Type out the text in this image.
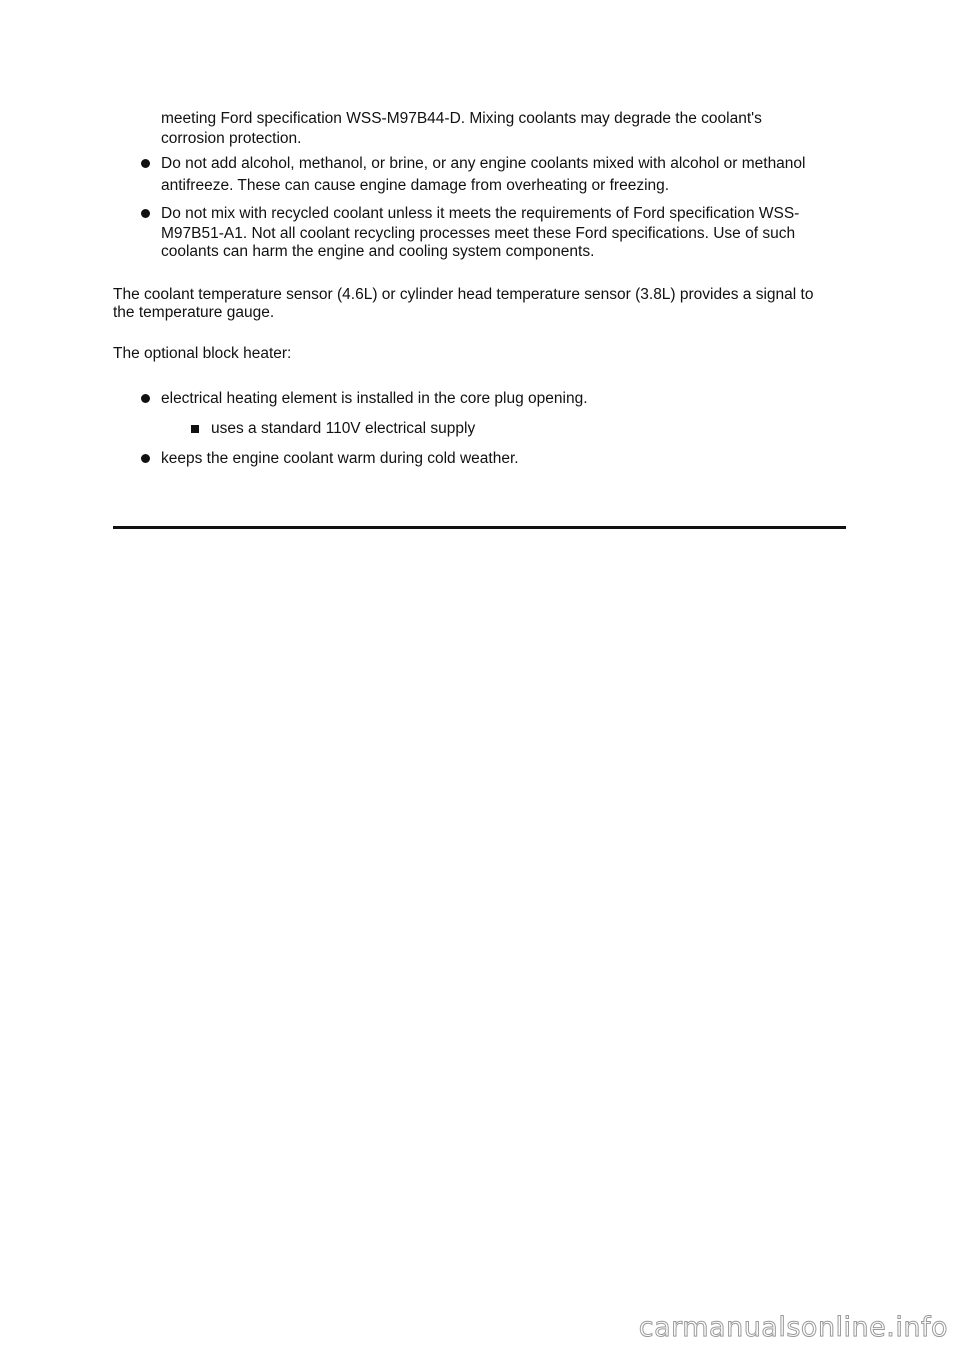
meeting Ford specification WSS-M97B44-D. Mixing coolants may degrade the coolant's
corrosion protection.
Do not add alcohol, methanol, or brine, or any engine coolants mixed with alcohol or methanol
antifreeze. These can cause engine damage from overheating or freezing.
Do not mix with recycled coolant unless it meets the requirements of Ford specification WSS-
M97B51-A1. Not all coolant recycling processes meet these Ford specifications. Use of such
coolants can harm the engine and cooling system components.
The coolant temperature sensor (4.6L) or cylinder head temperature sensor (3.8L) provides a signal to
the temperature gauge.
The optional block heater:
electrical heating element is installed in the core plug opening.
uses a standard 110V electrical supply
keeps the engine coolant warm during cold weather.
carmanualsonline.info
